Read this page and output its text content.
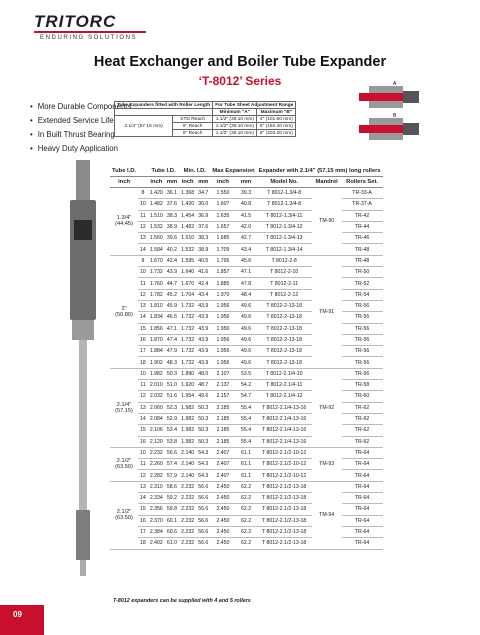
TRITORC
ENDURING SOLUTIONS
Heat Exchanger and Boiler Tube Expander
‘T-8012’ Series
• More Durable Components
• Extended Service Life
• In Built Thrust Bearing
• Heavy Duty Application
Tube Expanders fitted with Roller Length		For Tube Sheet Adjustment Range	
		Minimum "A"	Maximum "B"
2.1/4" (57.15 mm)	STD Reach	1.1/2" (38.10 mm)	4" (101.60 mm)
	6" Reach	1.1/2" (38.10 mm)	6" (152.40 mm)
	8" Reach	1.1/2" (38.10 mm)	8" (203.20 mm)
A
B
Tube I.D.		Tube I.D.		Min. I.D.		Max Expansion		Expander with 2.1/4" (57.15 mm) long rollers		
inch		inch	mm	inch	mm	inch	mm	Model No.	Mandrel	Rollers Set.

1.3/4"
(44.45)	8	1.420	36.1	1.368	34.7	1.550	39.3	T 8012-1.3/4-8	TM-90	TR-33-A
	10	1.482	37.6	1.420	36.0	1.607	40.8	T 8012-1.3/4-8		TR-37-A
	11	1.510	38.3	1.454	36.9	1.635	41.5	T 8012-1.3/4-11		TR-42
	12	1.532	38.9	1.482	37.6	1.657	42.0	T 8012-1.3/4-12		TR-44
	13	1.560	39.6	1.510	38.3	1.685	42.7	T 8012-1.3/4-13		TR-46
	14	1.584	40.2	1.532	38.9	1.709	43.4	T 8012-1.3/4-14		TR-48

2"
(50.80)	8	1.670	42.4	1.595	40.5	1.795	45.6	T 8012-2-8	TM-91	TR-48
	10	1.732	43.9	1.640	41.6	1.857	47.1	T 8012-2-10		TR-50
	11	1.760	44.7	1.670	42.4	1.885	47.8	T 8012-2-11		TR-52
	12	1.782	45.2	1.704	43.4	1.970	48.4	T 8012-2-12		TR-54
	13	1.810	45.9	1.732	43.9	1.956	49.6	T 8012-2-13-18		TR-56
	14	1.834	46.5	1.732	43.9	1.956	49.6	T 8012-2-13-18		TR-56
	15	1.856	47.1	1.732	43.9	1.956	49.6	T 8012-2-13-18		TR-56
	16	1.870	47.4	1.732	43.9	1.956	49.6	T 8012-2-13-18		TR-56
	17	1.884	47.9	1.732	43.9	1.956	49.6	T 8012-2-13-18		TR-56
	18	1.902	48.3	1.732	43.9	1.956	49.6	T 8012-2-13-18		TR-56

2.1/4"
(57.15)	10	1.982	50.3	1.890	48.0	2.107	53.5	T 8012-2.1/4-10	TM-92	TR-56
	11	2.010	51.0	1.920	48.7	2.137	54.2	T 8012-2.1/4-11		TR-58
	12	2.032	51.6	1.954	49.6	2.157	54.7	T 8012-2.1/4-12		TR-60
	13	2.060	52.3	1.982	50.3	2.185	55.4	T 8012-2.1/4-13-16		TR-62
	14	2.084	52.9	1.982	50.3	2.185	55.4	T 8012-2.1/4-13-16		TR-62
	15	2.106	53.4	1.982	50.3	2.185	55.4	T 8012-2.1/4-13-16		TR-62
	16	2.120	53.8	1.982	50.3	2.185	55.4	T 8012-2.1/4-13-16		TR-62

2.1/2"
(63.50)	10	2.232	56.6	2.140	54.3	2.407	61.1	T 8012-2.1/2-10-12	TM-93	TR-64
	11	2.260	57.4	2.140	54.3	2.407	61.1	T 8012-2.1/2-10-12		TR-64
	12	2.282	57.9	2.140	54.3	2.407	61.1	T 8012-2.1/2-10-12		TR-64

2.1/2"
(63.50)	13	2.310	58.6	2.232	56.6	2.450	62.2	T 8012-2.1/2-13-18	TM-94	TR-64
	14	2.334	59.2	2.232	56.6	2.450	62.2	T 8012-2.1/2-13-18		TR-64
	15	2.356	59.8	2.232	56.6	2.450	62.2	T 8012-2.1/2-13-18		TR-64
	16	2.370	60.1	2.232	56.6	2.450	62.2	T 8012-2.1/2-13-18		TR-64
	17	2.384	60.6	2.232	56.6	2.450	62.2	T 8012-2.1/2-13-18		TR-64
	18	2.402	61.0	2.232	56.6	2.450	62.2	T 8012-2.1/2-13-18		TR-64
T-8012 expanders can be supplied with 4 and 5 rollers
09
